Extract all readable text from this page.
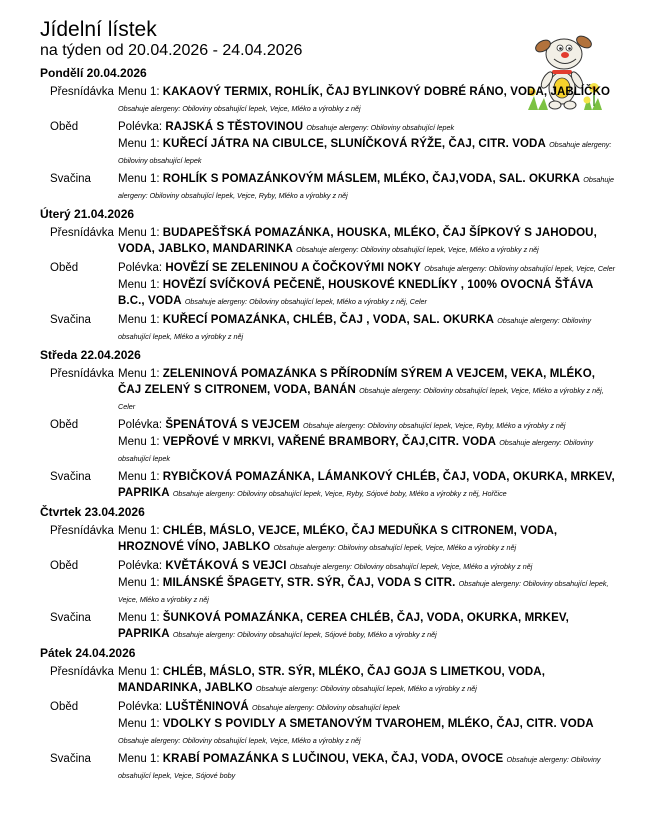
Jídelní lístek
na týden od 20.04.2026 - 24.04.2026
Pondělí 20.04.2026
Přesnídávka Menu 1: KAKAOVÝ TERMIX, ROHLÍK, ČAJ BYLINKOVÝ DOBRÉ RÁNO, VODA, JABLÍČKO Obsahuje alergeny: Obiloviny obsahující lepek, Vejce, Mléko a výrobky z něj
Oběd	Polévka: RAJSKÁ S TĚSTOVINOU Obsahuje alergeny: Obiloviny obsahující lepek
Menu 1: KUŘECÍ JÁTRA NA CIBULCE, SLUNÍČKOVÁ RÝŽE, ČAJ, CITR. VODA Obsahuje alergeny: Obiloviny obsahující lepek
Svačina	Menu 1: ROHLÍK S POMAZÁNKOVÝM MÁSLEM, MLÉKO, ČAJ,VODA, SAL. OKURKA Obsahuje alergeny: Obiloviny obsahující lepek, Vejce, Ryby, Mléko a výrobky z něj
Úterý 21.04.2026
Přesnídávka Menu 1: BUDAPEŠŤSKÁ POMAZÁNKA, HOUSKA, MLÉKO, ČAJ ŠÍPKOVÝ S JAHODOU, VODA, JABLKO, MANDARINKA Obsahuje alergeny: Obiloviny obsahující lepek, Vejce, Mléko a výrobky z něj
Oběd	Polévka: HOVĚZÍ SE ZELENINOU A ČOČKOVÝMI NOKY Obsahuje alergeny: Obiloviny obsahující lepek, Vejce, Celer
Menu 1: HOVĚZÍ SVÍČKOVÁ PEČENĚ, HOUSKOVÉ KNEDLÍKY , 100% OVOCNÁ ŠŤÁVA B.C., VODA Obsahuje alergeny: Obiloviny obsahující lepek, Mléko a výrobky z něj, Celer
Svačina	Menu 1: KUŘECÍ POMAZÁNKA, CHLÉB, ČAJ , VODA, SAL. OKURKA Obsahuje alergeny: Obiloviny obsahující lepek, Mléko a výrobky z něj
Středa 22.04.2026
Přesnídávka Menu 1: ZELENINOVÁ POMAZÁNKA S PŘÍRODNÍM SÝREM A VEJCEM, VEKA, MLÉKO, ČAJ ZELENÝ S CITRONEM, VODA, BANÁN Obsahuje alergeny: Obiloviny obsahující lepek, Vejce, Mléko a výrobky z něj, Celer
Oběd	Polévka: ŠPENÁTOVÁ S VEJCEM Obsahuje alergeny: Obiloviny obsahující lepek, Vejce, Ryby, Mléko a výrobky z něj
Menu 1: VEPŘOVÉ V MRKVI, VAŘENÉ BRAMBORY, ČAJ,CITR. VODA Obsahuje alergeny: Obiloviny obsahující lepek
Svačina	Menu 1: RYBIČKOVÁ POMAZÁNKA, LÁMANKOVÝ CHLÉB, ČAJ, VODA, OKURKA, MRKEV, PAPRIKA Obsahuje alergeny: Obiloviny obsahující lepek, Vejce, Ryby, Sójové boby, Mléko a výrobky z něj, Hořčice
Čtvrtek 23.04.2026
Přesnídávka Menu 1: CHLÉB, MÁSLO, VEJCE, MLÉKO, ČAJ MEDUŇKA S CITRONEM, VODA, HROZNOVÉ VÍNO, JABLKO Obsahuje alergeny: Obiloviny obsahující lepek, Vejce, Mléko a výrobky z něj
Oběd	Polévka: KVĚTÁKOVÁ S VEJCI Obsahuje alergeny: Obiloviny obsahující lepek, Vejce, Mléko a výrobky z něj
Menu 1: MILÁNSKÉ ŠPAGETY, STR. SÝR, ČAJ, VODA S CITR. Obsahuje alergeny: Obiloviny obsahující lepek, Vejce, Mléko a výrobky z něj
Svačina	Menu 1: ŠUNKOVÁ POMAZÁNKA, CEREA CHLÉB, ČAJ, VODA, OKURKA, MRKEV, PAPRIKA Obsahuje alergeny: Obiloviny obsahující lepek, Sójové boby, Mléko a výrobky z něj
Pátek 24.04.2026
Přesnídávka Menu 1: CHLÉB, MÁSLO, STR. SÝR, MLÉKO, ČAJ GOJA S LIMETKOU, VODA, MANDARINKA, JABLKO Obsahuje alergeny: Obiloviny obsahující lepek, Mléko a výrobky z něj
Oběd	Polévka: LUŠTĚNINOVÁ Obsahuje alergeny: Obiloviny obsahující lepek
Menu 1: VDOLKY S POVIDLY A SMETANOVÝM TVAROHEM, MLÉKO, ČAJ, CITR. VODA Obsahuje alergeny: Obiloviny obsahující lepek, Vejce, Mléko a výrobky z něj
Svačina	Menu 1: KRABÍ POMAZÁNKA S LUČINOU, VEKA, ČAJ, VODA, OVOCE Obsahuje alergeny: Obiloviny obsahující lepek, Vejce, Sójové boby
